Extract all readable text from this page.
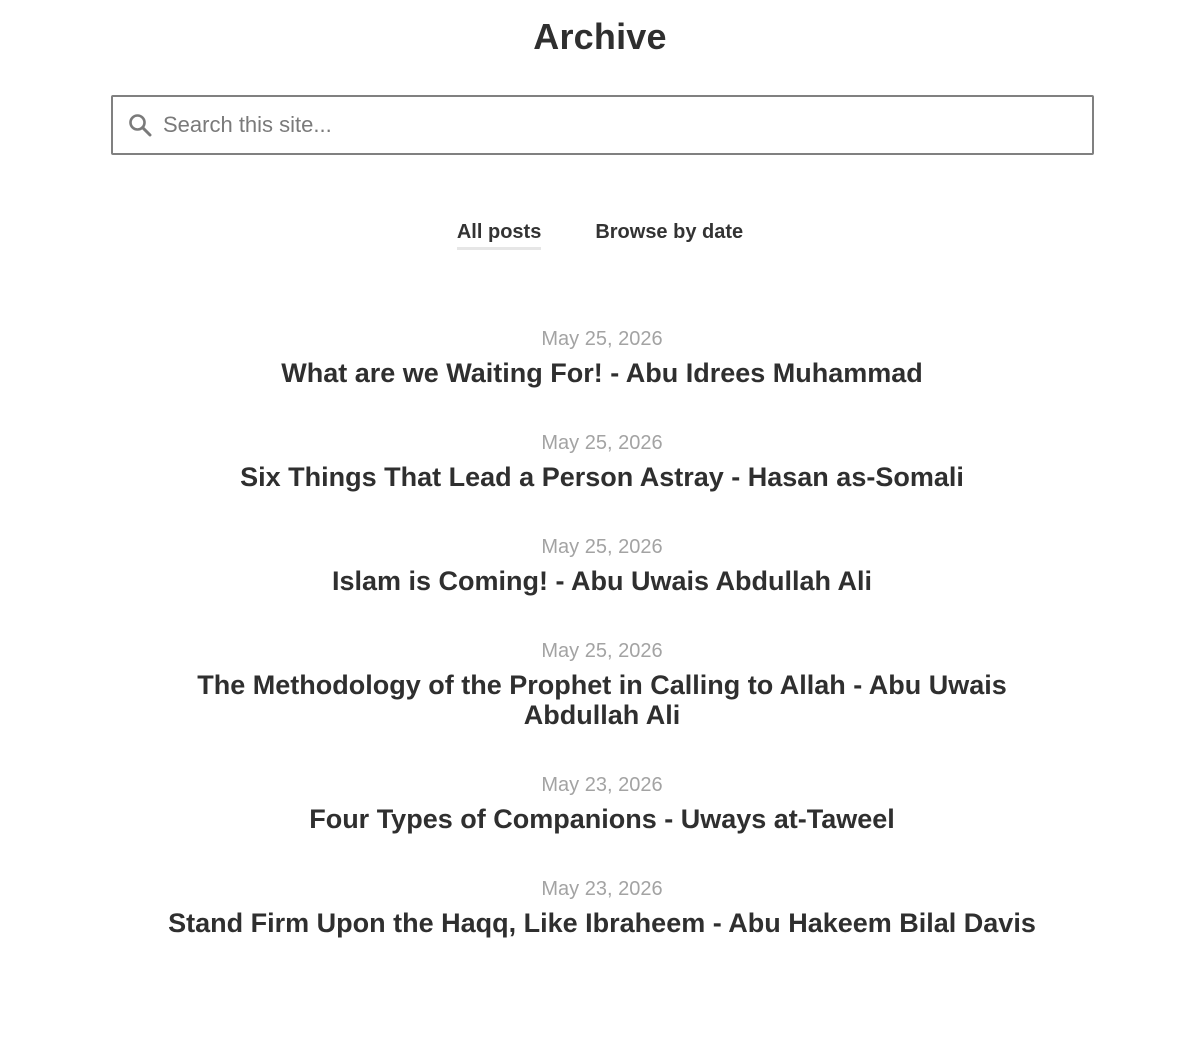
Archive
Search this site...
All posts	Browse by date
May 25, 2026
What are we Waiting For! - Abu Idrees Muhammad
May 25, 2026
Six Things That Lead a Person Astray - Hasan as-Somali
May 25, 2026
Islam is Coming! - Abu Uwais Abdullah Ali
May 25, 2026
The Methodology of the Prophet in Calling to Allah - Abu Uwais Abdullah Ali
May 23, 2026
Four Types of Companions - Uways at-Taweel
May 23, 2026
Stand Firm Upon the Haqq, Like Ibraheem - Abu Hakeem Bilal Davis
